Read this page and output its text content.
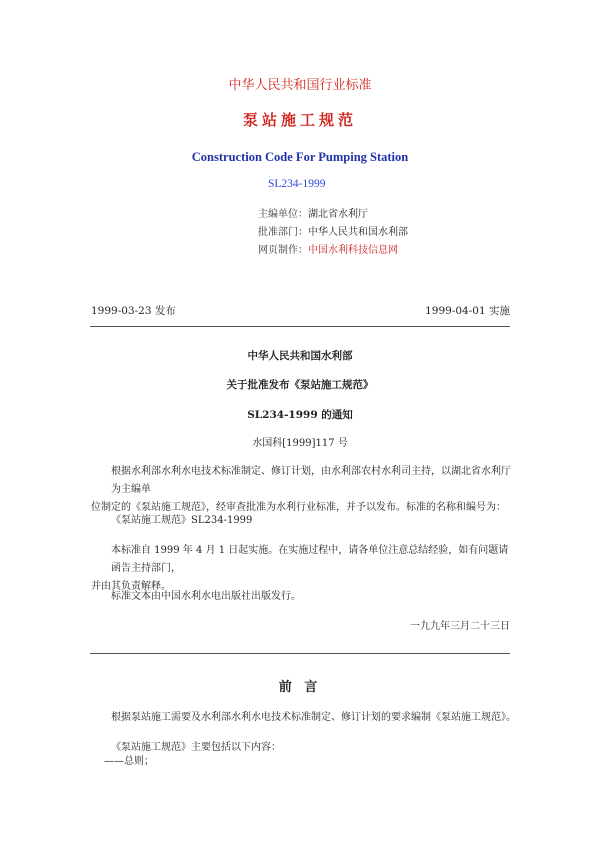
中华人民共和国行业标准
泵站施工规范
Construction Code For Pumping Station
SL234-1999
主编单位：湖北省水利厅
批准部门：中华人民共和国水利部
网页制作：中国水利科技信息网
1999-03-23 发布	1999-04-01 实施
中华人民共和国水利部
关于批准发布《泵站施工规范》
SL234-1999 的通知
水国科[1999]117 号
根据水利部水利水电技术标准制定、修订计划，由水利部农村水利司主持，以湖北省水利厅为主编单
位制定的《泵站施工规范》，经审查批准为水利行业标准，并予以发布。标准的名称和编号为：
《泵站施工规范》SL234-1999
本标准自 1999 年 4 月 1 日起实施。在实施过程中，请各单位注意总结经验，如有问题请函告主持部门，
并由其负责解释。
标准文本由中国水利水电出版社出版发行。
一九九年三月二十三日
前 言
根据泵站施工需要及水利部水利水电技术标准制定、修订计划的要求编制《泵站施工规范》。
《泵站施工规范》主要包括以下内容：
——总则；
